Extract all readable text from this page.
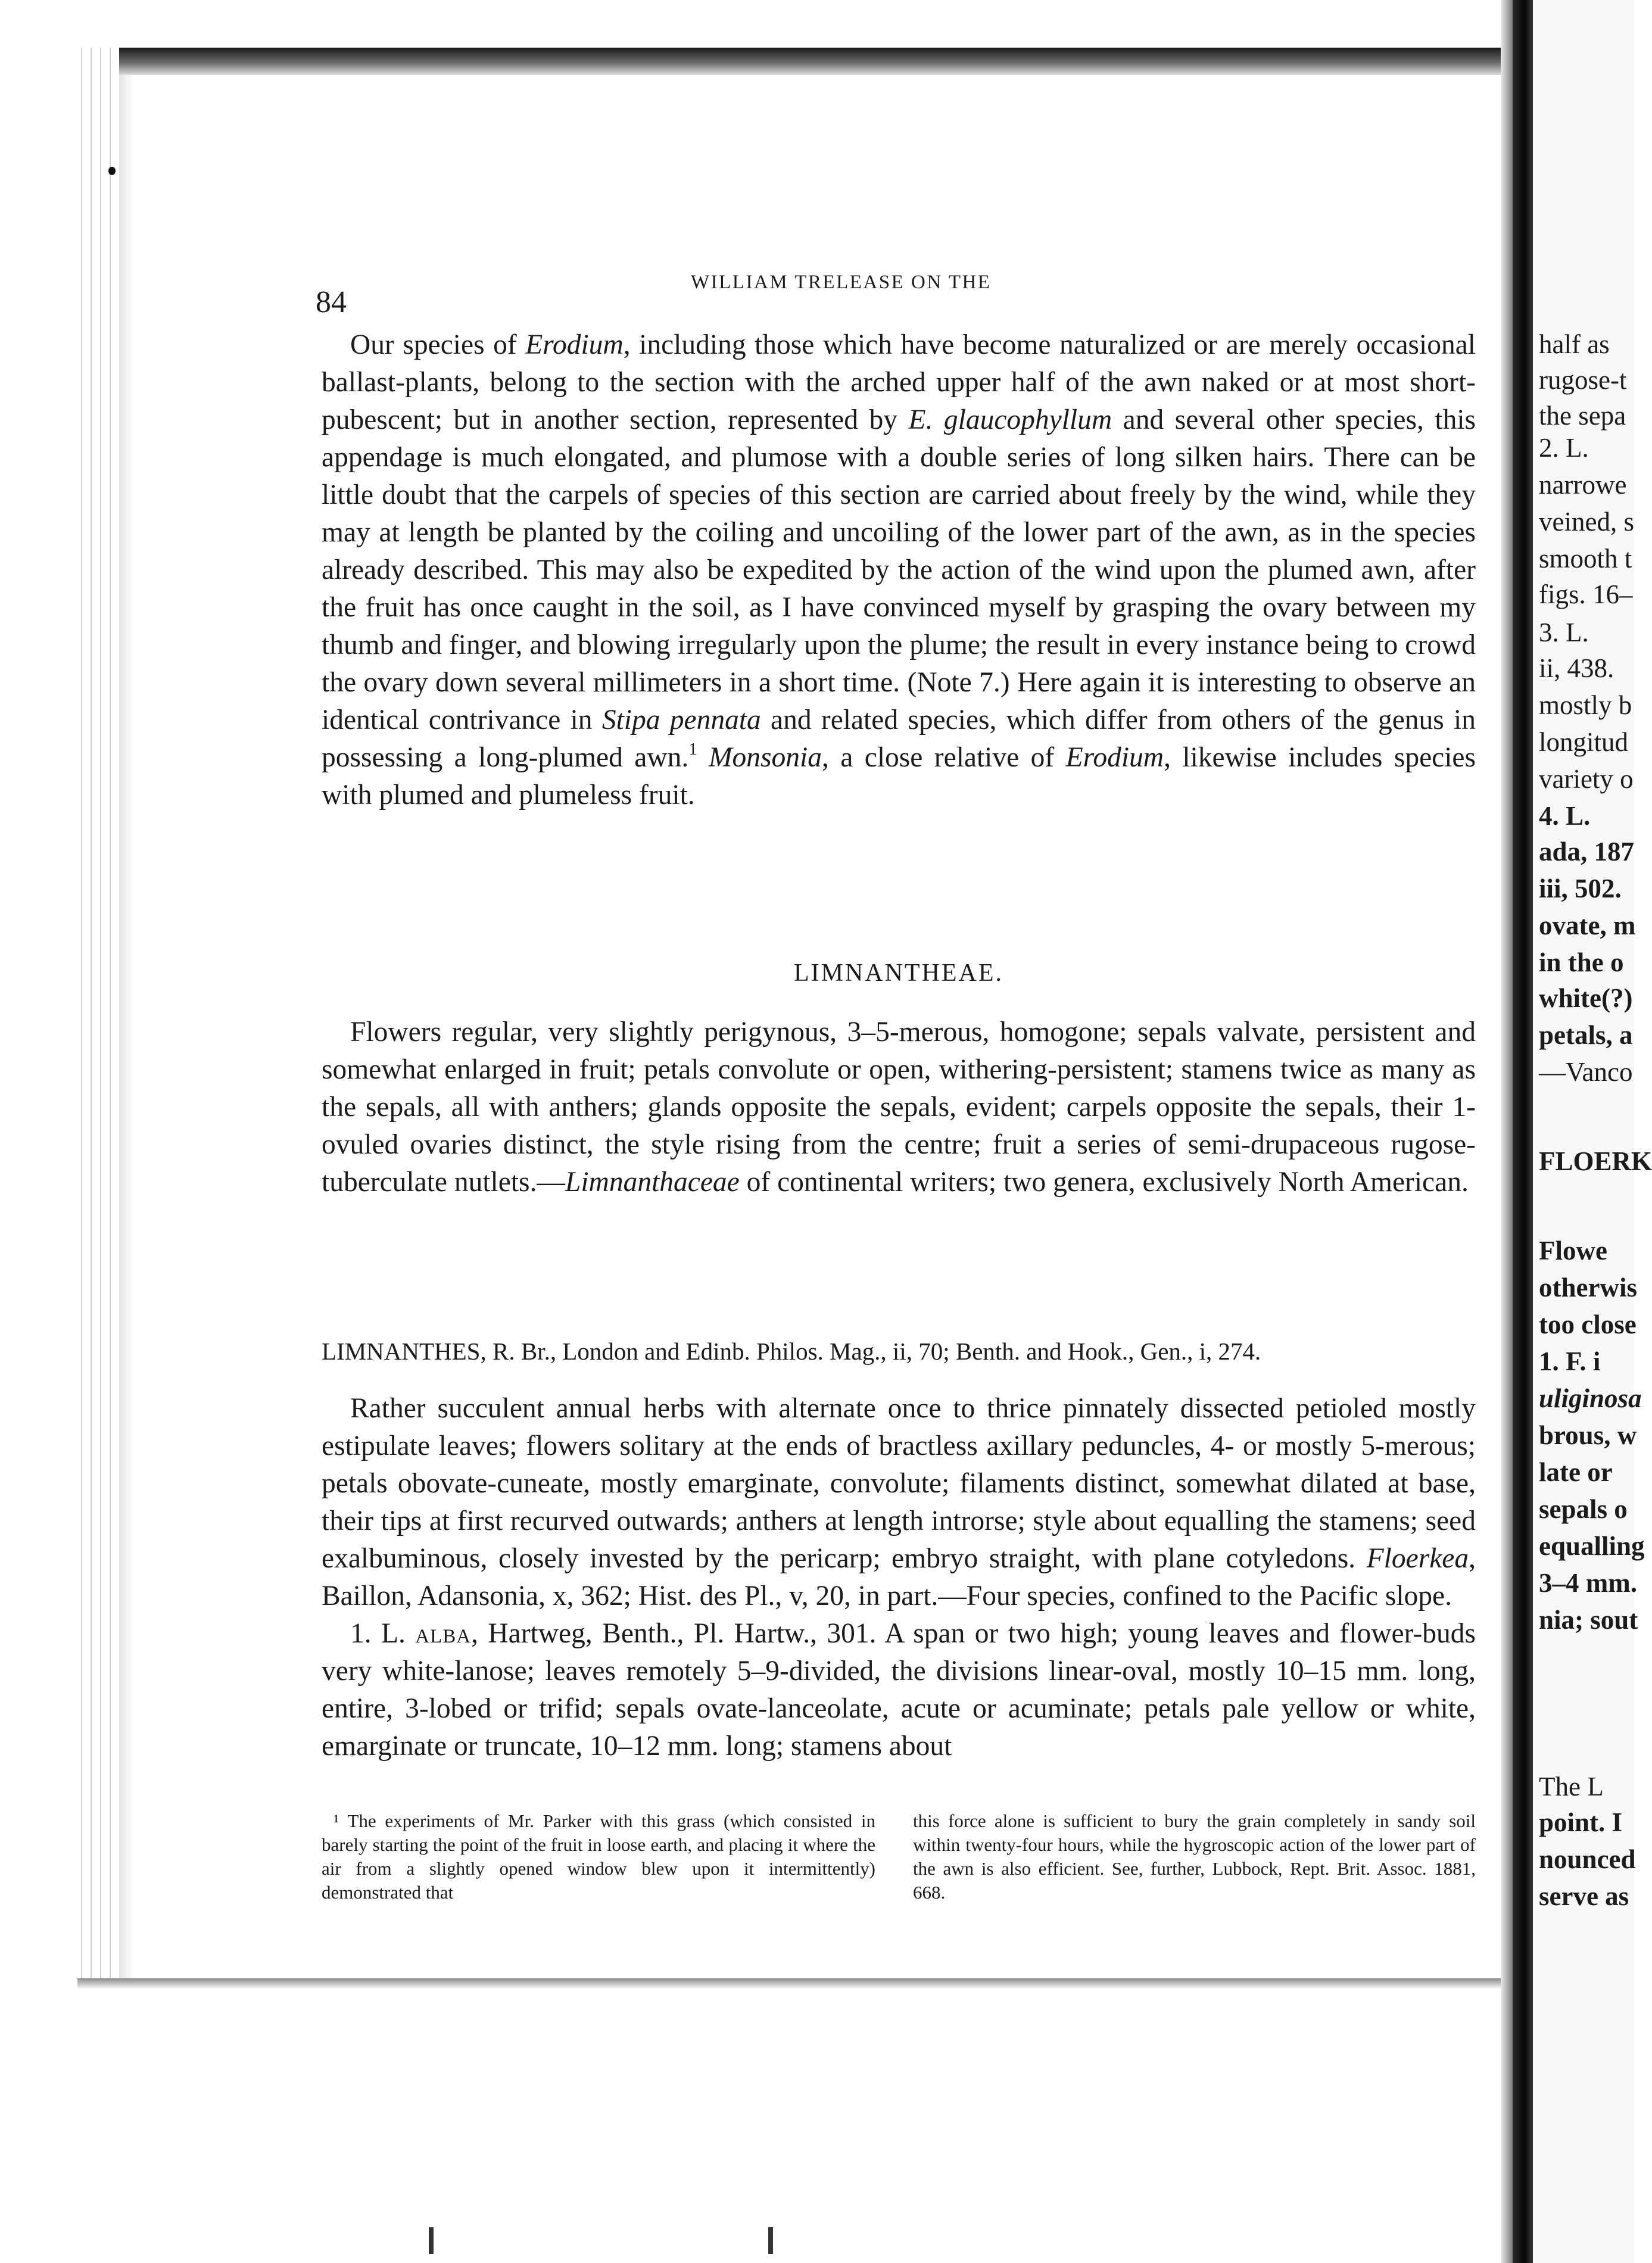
84
WILLIAM TRELEASE ON THE

Our species of Erodium, including those which have become naturalized or are merely occasional ballast-plants, belong to the section with the arched upper half of the awn naked or at most short-pubescent; but in another section, represented by E. glaucophyllum and several other species, this appendage is much elongated, and plumose with a double series of long silken hairs. There can be little doubt that the carpels of species of this section are carried about freely by the wind, while they may at length be planted by the coiling and uncoiling of the lower part of the awn, as in the species already described. This may also be expedited by the action of the wind upon the plumed awn, after the fruit has once caught in the soil, as I have convinced myself by grasping the ovary between my thumb and finger, and blowing irregularly upon the plume; the result in every instance being to crowd the ovary down several millimeters in a short time. (Note 7.) Here again it is interesting to observe an identical contrivance in Stipa pennata and related species, which differ from others of the genus in possessing a long-plumed awn.$^1$ Monsonia, a close relative of Erodium, likewise includes species with plumed and plumeless fruit.

LIMNANTHEAE.

Flowers regular, very slightly perigynous, 3–5-merous, homogone; sepals valvate, persistent and somewhat enlarged in fruit; petals convolute or open, withering-persistent; stamens twice as many as the sepals, all with anthers; glands opposite the sepals, evident; carpels opposite the sepals, their 1-ovuled ovaries distinct, the style rising from the centre; fruit a series of semi-drupaceous rugose-tuberculate nutlets.—Limnanthaceae of continental writers; two genera, exclusively North American.

LIMNANTHES, R. Br., London and Edinb. Philos. Mag., ii, 70; Benth. and Hook., Gen., i, 274.

Rather succulent annual herbs with alternate once to thrice pinnately dissected petioled mostly estipulate leaves; flowers solitary at the ends of bractless axillary peduncles, 4- or mostly 5-merous; petals obovate-cuneate, mostly emarginate, convolute; filaments distinct, somewhat dilated at base, their tips at first recurved outwards; anthers at length introrse; style about equalling the stamens; seed exalbuminous, closely invested by the pericarp; embryo straight, with plane cotyledons. Floerkea, Baillon, Adansonia, x, 362; Hist. des Pl., v, 20, in part.—Four species, confined to the Pacific slope.

1. L. alba, Hartweg, Benth., Pl. Hartw., 301. A span or two high; young leaves and flower-buds very white-lanose; leaves remotely 5–9-divided, the divisions linear-oval, mostly 10–15 mm. long, entire, 3-lobed or trifid; sepals ovate-lanceolate, acute or acuminate; petals pale yellow or white, emarginate or truncate, 10–12 mm. long; stamens about

¹ The experiments of Mr. Parker with this grass (which consisted in barely starting the point of the fruit in loose earth, and placing it where the air from a slightly opened window blew upon it intermittently) demonstrated that
this force alone is sufficient to bury the grain completely in sandy soil within twenty-four hours, while the hygroscopic action of the lower part of the awn is also efficient. See, further, Lubbock, Rept. Brit. Assoc. 1881, 668.
half as
rugose-t
the sepa
2. L.
narrowe
veined, s
smooth t
figs. 16–
3. L.
ii, 438.
mostly b
longitud
variety o
4. L.
ada, 187
iii, 502.
ovate, m
in the o
white(?)
petals, a
—Vanco
FLOERK
Flowe
otherwis
too close
1. F. i
uliginosa
brous, w
late or
sepals o
equalling
3–4 mm.
nia; sout
The L
point. I
nounced
serve as
